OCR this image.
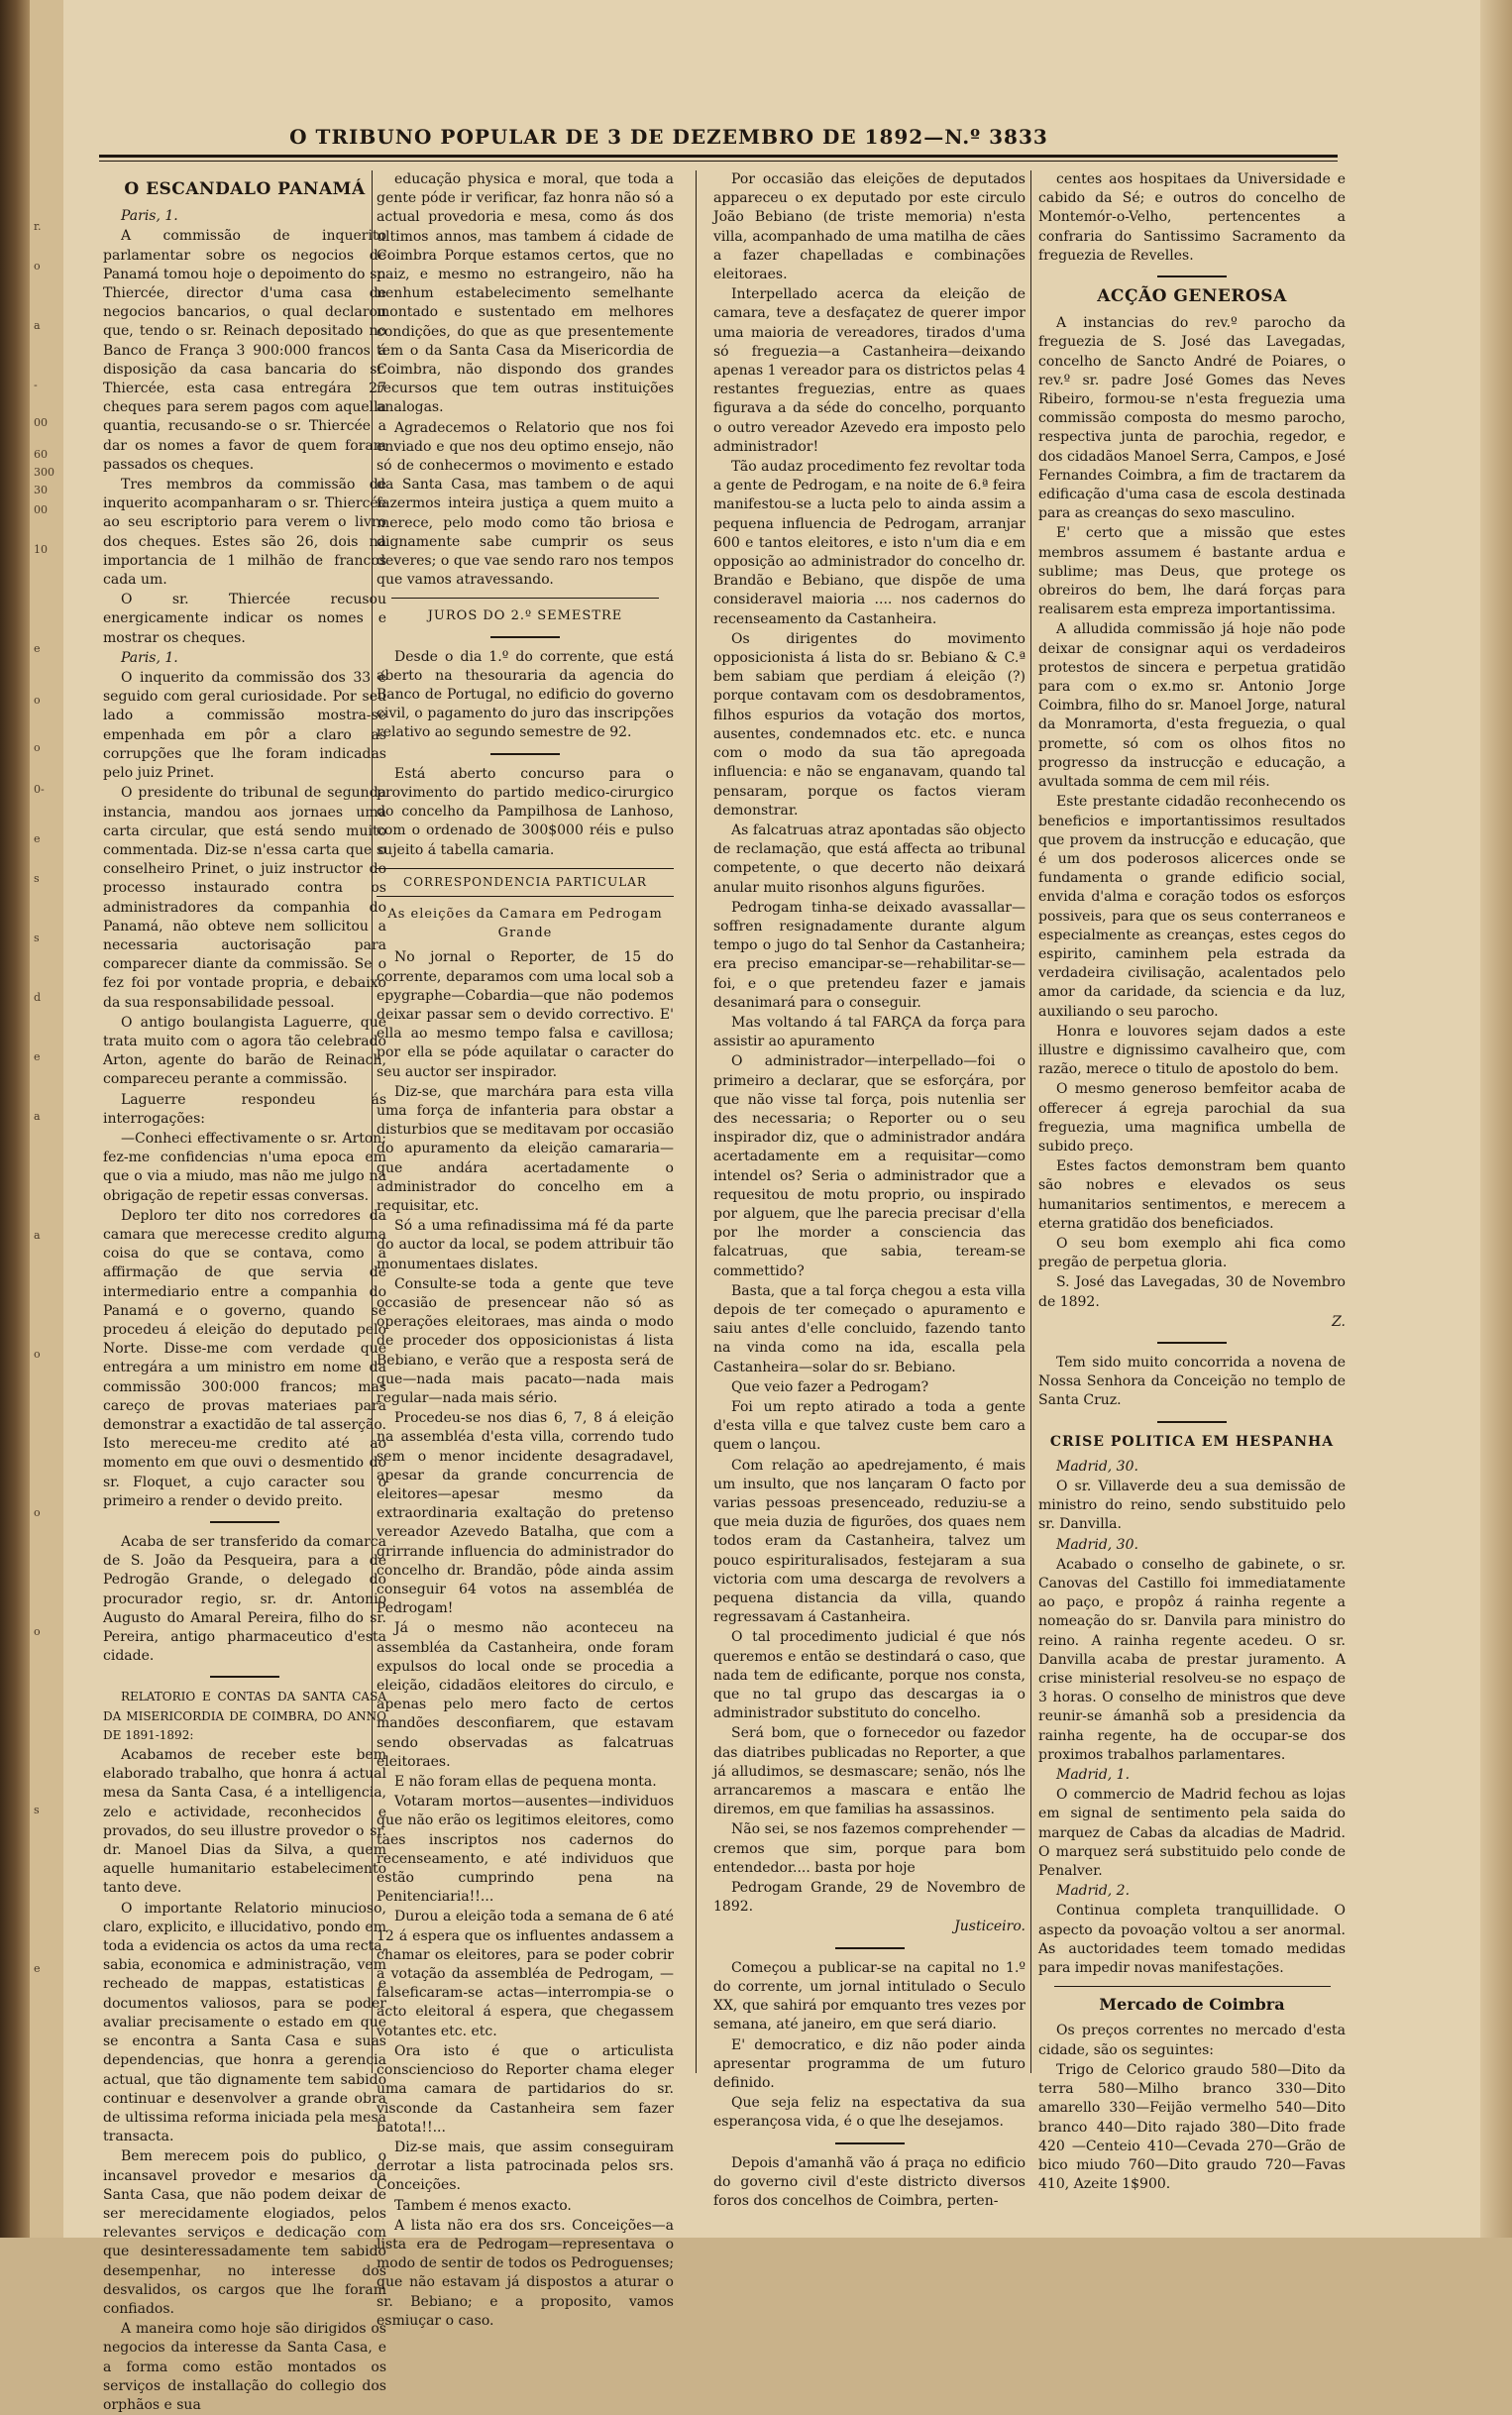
r.
o
a
-
00
60
300
30
00
10
e
o
o
0-
e
s
s
d
e
a
a
o
o
o
s
e
O TRIBUNO POPULAR DE 3 DE DEZEMBRO DE 1892—N.º 3833
O ESCANDALO PANAMÁ

Paris, 1.

A commissão de inquerito parlamentar sobre os negocios de Panamá tomou hoje o depoimento do sr. Thiercée, director d'uma casa de negocios bancarios, o qual declarou que, tendo o sr. Reinach depositado no Banco de França 3 900:000 francos á disposição da casa bancaria do sr. Thiercée, esta casa entregára 27 cheques para serem pagos com aquella quantia, recusando-se o sr. Thiercée a dar os nomes a favor de quem foram passados os cheques.

Tres membros da commissão de inquerito acompanharam o sr. Thiercée ao seu escriptorio para verem o livro dos cheques. Estes são 26, dois na importancia de 1 milhão de francos cada um.

O sr. Thiercée recusou energicamente indicar os nomes e mostrar os cheques.

Paris, 1.

O inquerito da commissão dos 33 é seguido com geral curiosidade. Por seu lado a commissão mostra-se empenhada em pôr a claro as corrupções que lhe foram indicadas pelo juiz Prinet.

O presidente do tribunal de segunda instancia, mandou aos jornaes uma carta circular, que está sendo muito commentada. Diz-se n'essa carta que o conselheiro Prinet, o juiz instructor do processo instaurado contra os administradores da companhia do Panamá, não obteve nem sollicitou a necessaria auctorisação para comparecer diante da commissão. Se o fez foi por vontade propria, e debaixo da sua responsabilidade pessoal.

O antigo boulangista Laguerre, que trata muito com o agora tão celebrado Arton, agente do barão de Reinach, compareceu perante a commissão.

Laguerre respondeu ás interrogações:

—Conheci effectivamente o sr. Arton; fez-me confidencias n'uma epoca em que o via a miudo, mas não me julgo na obrigação de repetir essas conversas.

Deploro ter dito nos corredores da camara que merecesse credito alguma coisa do que se contava, como a affirmação de que servia de intermediario entre a companhia do Panamá e o governo, quando se procedeu á eleição do deputado pelo Norte. Disse-me com verdade que entregára a um ministro em nome da commissão 300:000 francos; mas careço de provas materiaes para demonstrar a exactidão de tal asserção. Isto mereceu-me credito até ao momento em que ouvi o desmentido do sr. Floquet, a cujo caracter sou o primeiro a render o devido preito.

Acaba de ser transferido da comarca de S. João da Pesqueira, para a de Pedrogão Grande, o delegado do procurador regio, sr. dr. Antonio Augusto do Amaral Pereira, filho do sr. Pereira, antigo pharmaceutico d'esta cidade.

RELATORIO E CONTAS DA SANTA CASA DA MISERICORDIA DE COIMBRA, DO ANNO DE 1891-1892:

Acabamos de receber este bem elaborado trabalho, que honra á actual mesa da Santa Casa, é a intelligencia, zelo e actividade, reconhecidos e provados, do seu illustre provedor o sr. dr. Manoel Dias da Silva, a quem aquelle humanitario estabelecimento tanto deve.

O importante Relatorio minucioso, claro, explicito, e illucidativo, pondo em toda a evidencia os actos da uma recta, sabia, economica e administração, vem recheado de mappas, estatisticas e documentos valiosos, para se poder avaliar precisamente o estado em que se encontra a Santa Casa e suas dependencias, que honra a gerencia actual, que tão dignamente tem sabido continuar e desenvolver a grande obra de ultissima reforma iniciada pela mesa transacta.

Bem merecem pois do publico, o incansavel provedor e mesarios da Santa Casa, que não podem deixar de ser merecidamente elogiados, pelos relevantes serviços e dedicação com que desinteressadamente tem sabido desempenhar, no interesse dos desvalidos, os cargos que lhe foram confiados.

A maneira como hoje são dirigidos os negocios da interesse da Santa Casa, e a forma como estão montados os serviços de installação do collegio dos orphãos e sua

educação physica e moral, que toda a gente póde ir verificar, faz honra não só a actual provedoria e mesa, como ás dos ultimos annos, mas tambem á cidade de Coimbra Porque estamos certos, que no paiz, e mesmo no estrangeiro, não ha nenhum estabelecimento semelhante montado e sustentado em melhores condições, do que as que presentemente tem o da Santa Casa da Misericordia de Coimbra, não dispondo dos grandes recursos que tem outras instituições analogas.

Agradecemos o Relatorio que nos foi enviado e que nos deu optimo ensejo, não só de conhecermos o movimento e estado da Santa Casa, mas tambem o de aqui fazermos inteira justiça a quem muito a merece, pelo modo como tão briosa e dignamente sabe cumprir os seus deveres; o que vae sendo raro nos tempos que vamos atravessando.

JUROS DO 2.º SEMESTRE

Desde o dia 1.º do corrente, que está aberto na thesouraria da agencia do Banco de Portugal, no edificio do governo civil, o pagamento do juro das inscripções relativo ao segundo semestre de 92.

Está aberto concurso para o provimento do partido medico-cirurgico do concelho da Pampilhosa de Lanhoso, com o ordenado de 300$000 réis e pulso sujeito á tabella camaria.

CORRESPONDENCIA PARTICULAR
As eleições da Camara em Pedrogam Grande

No jornal o Reporter, de 15 do corrente, deparamos com uma local sob a epygraphe—Cobardia—que não podemos deixar passar sem o devido correctivo. E' ella ao mesmo tempo falsa e cavillosa; por ella se póde aquilatar o caracter do seu auctor ser inspirador.

Diz-se, que marchára para esta villa uma força de infanteria para obstar a disturbios que se meditavam por occasião do apuramento da eleição camararia—que andára acertadamente o administrador do concelho em a requisitar, etc.

Só a uma refinadissima má fé da parte do auctor da local, se podem attribuir tão monumentaes dislates.

Consulte-se toda a gente que teve occasião de presencear não só as operações eleitoraes, mas ainda o modo de proceder dos opposicionistas á lista Bebiano, e verão que a resposta será de que—nada mais pacato—nada mais regular—nada mais sério.

Procedeu-se nos dias 6, 7, 8 á eleição na assembléa d'esta villa, correndo tudo sem o menor incidente desagradavel, apesar da grande concurrencia de eleitores—apesar mesmo da extraordinaria exaltação do pretenso vereador Azevedo Batalha, que com a grirrande influencia do administrador do concelho dr. Brandão, pôde ainda assim conseguir 64 votos na assembléa de Pedrogam!

Já o mesmo não aconteceu na assembléa da Castanheira, onde foram expulsos do local onde se procedia a eleição, cidadãos eleitores do circulo, e apenas pelo mero facto de certos mandões desconfiarem, que estavam sendo observadas as falcatruas eleitoraes.

E não foram ellas de pequena monta.

Votaram mortos—ausentes—individuos que não erão os legitimos eleitores, como taes inscriptos nos cadernos do recenseamento, e até individuos que estão cumprindo pena na Penitenciaria!!...

Durou a eleição toda a semana de 6 até 12 á espera que os influentes andassem a chamar os eleitores, para se poder cobrir a votação da assembléa de Pedrogam, —falseficaram-se actas—interrompia-se o acto eleitoral á espera, que chegassem votantes etc. etc.

Ora isto é que o articulista consciencioso do Reporter chama eleger uma camara de partidarios do sr. visconde da Castanheira sem fazer batota!!...

Diz-se mais, que assim conseguiram derrotar a lista patrocinada pelos srs. Conceições.

Tambem é menos exacto.

A lista não era dos srs. Conceições—a lista era de Pedrogam—representava o modo de sentir de todos os Pedroguenses; que não estavam já dispostos a aturar o sr. Bebiano; e a proposito, vamos esmiuçar o caso.

Por occasião das eleições de deputados appareceu o ex deputado por este circulo João Bebiano (de triste memoria) n'esta villa, acompanhado de uma matilha de cães a fazer chapelladas e combinações eleitoraes.

Interpellado acerca da eleição de camara, teve a desfaçatez de querer impor uma maioria de vereadores, tirados d'uma só freguezia—a Castanheira—deixando apenas 1 vereador para os districtos pelas 4 restantes freguezias, entre as quaes figurava a da séde do concelho, porquanto o outro vereador Azevedo era imposto pelo administrador!

Tão audaz procedimento fez revoltar toda a gente de Pedrogam, e na noite de 6.ª feira manifestou-se a lucta pelo to ainda assim a pequena influencia de Pedrogam, arranjar 600 e tantos eleitores, e isto n'um dia e em opposição ao administrador do concelho dr. Brandão e Bebiano, que dispõe de uma consideravel maioria .... nos cadernos do recenseamento da Castanheira.

Os dirigentes do movimento opposicionista á lista do sr. Bebiano & C.ª bem sabiam que perdiam á eleição (?) porque contavam com os desdobramentos, filhos espurios da votação dos mortos, ausentes, condemnados etc. etc. e nunca com o modo da sua tão apregoada influencia: e não se enganavam, quando tal pensaram, porque os factos vieram demonstrar.

As falcatruas atraz apontadas são objecto de reclamação, que está affecta ao tribunal competente, o que decerto não deixará anular muito risonhos alguns figurões.

Pedrogam tinha-se deixado avassallar—soffren resignadamente durante algum tempo o jugo do tal Senhor da Castanheira; era preciso emancipar-se—rehabilitar-se—foi, e o que pretendeu fazer e jamais desanimará para o conseguir.

Mas voltando á tal FARÇA da força para assistir ao apuramento

O administrador—interpellado—foi o primeiro a declarar, que se esforçára, por que não visse tal força, pois nutenlia ser des necessaria; o Reporter ou o seu inspirador diz, que o administrador andára acertadamente em a requisitar—como intendel os? Seria o administrador que a requesitou de motu proprio, ou inspirado por alguem, que lhe parecia precisar d'ella por lhe morder a consciencia das falcatruas, que sabia, teream-se commettido?

Basta, que a tal força chegou a esta villa depois de ter começado o apuramento e saiu antes d'elle concluido, fazendo tanto na vinda como na ida, escalla pela Castanheira—solar do sr. Bebiano.

Que veio fazer a Pedrogam?

Foi um repto atirado a toda a gente d'esta villa e que talvez custe bem caro a quem o lançou.

Com relação ao apedrejamento, é mais um insulto, que nos lançaram O facto por varias pessoas presenceado, reduziu-se a que meia duzia de figurões, dos quaes nem todos eram da Castanheira, talvez um pouco espirituralisados, festejaram a sua victoria com uma descarga de revolvers a pequena distancia da villa, quando regressavam á Castanheira.

O tal procedimento judicial é que nós queremos e então se destindará o caso, que nada tem de edificante, porque nos consta, que no tal grupo das descargas ia o administrador substituto do concelho.

Será bom, que o fornecedor ou fazedor das diatribes publicadas no Reporter, a que já alludimos, se desmascare; senão, nós lhe arrancaremos a mascara e então lhe diremos, em que familias ha assassinos.

Não sei, se nos fazemos comprehender —cremos que sim, porque para bom entendedor.... basta por hoje

Pedrogam Grande, 29 de Novembro de 1892.

Justiceiro.

Começou a publicar-se na capital no 1.º do corrente, um jornal intitulado o Seculo XX, que sahirá por emquanto tres vezes por semana, até janeiro, em que será diario.

E' democratico, e diz não poder ainda apresentar programma de um futuro definido.

Que seja feliz na espectativa da sua esperançosa vida, é o que lhe desejamos.

Depois d'amanhã vão á praça no edificio do governo civil d'este districto diversos foros dos concelhos de Coimbra, perten-

centes aos hospitaes da Universidade e cabido da Sé; e outros do concelho de Montemór-o-Velho, pertencentes a confraria do Santissimo Sacramento da freguezia de Revelles.

ACÇÃO GENEROSA

A instancias do rev.º parocho da freguezia de S. José das Lavegadas, concelho de Sancto André de Poiares, o rev.º sr. padre José Gomes das Neves Ribeiro, formou-se n'esta freguezia uma commissão composta do mesmo parocho, respectiva junta de parochia, regedor, e dos cidadãos Manoel Serra, Campos, e José Fernandes Coimbra, a fim de tractarem da edificação d'uma casa de escola destinada para as creanças do sexo masculino.

E' certo que a missão que estes membros assumem é bastante ardua e sublime; mas Deus, que protege os obreiros do bem, lhe dará forças para realisarem esta empreza importantissima.

A alludida commissão já hoje não pode deixar de consignar aqui os verdadeiros protestos de sincera e perpetua gratidão para com o ex.mo sr. Antonio Jorge Coimbra, filho do sr. Manoel Jorge, natural da Monramorta, d'esta freguezia, o qual promette, só com os olhos fitos no progresso da instrucção e educação, a avultada somma de cem mil réis.

Este prestante cidadão reconhecendo os beneficios e importantissimos resultados que provem da instrucção e educação, que é um dos poderosos alicerces onde se fundamenta o grande edificio social, envida d'alma e coração todos os esforços possiveis, para que os seus conterraneos e especialmente as creanças, estes cegos do espirito, caminhem pela estrada da verdadeira civilisação, acalentados pelo amor da caridade, da sciencia e da luz, auxiliando o seu parocho.

Honra e louvores sejam dados a este illustre e dignissimo cavalheiro que, com razão, merece o titulo de apostolo do bem.

O mesmo generoso bemfeitor acaba de offerecer á egreja parochial da sua freguezia, uma magnifica umbella de subido preço.

Estes factos demonstram bem quanto são nobres e elevados os seus humanitarios sentimentos, e merecem a eterna gratidão dos beneficiados.

O seu bom exemplo ahi fica como pregão de perpetua gloria.

S. José das Lavegadas, 30 de Novembro de 1892.

Z.

Tem sido muito concorrida a novena de Nossa Senhora da Conceição no templo de Santa Cruz.

CRISE POLITICA EM HESPANHA

Madrid, 30.

O sr. Villaverde deu a sua demissão de ministro do reino, sendo substituido pelo sr. Danvilla.

Madrid, 30.

Acabado o conselho de gabinete, o sr. Canovas del Castillo foi immediatamente ao paço, e propôz á rainha regente a nomeação do sr. Danvila para ministro do reino. A rainha regente acedeu. O sr. Danvilla acaba de prestar juramento. A crise ministerial resolveu-se no espaço de 3 horas. O conselho de ministros que deve reunir-se ámanhã sob a presidencia da rainha regente, ha de occupar-se dos proximos trabalhos parlamentares.

Madrid, 1.

O commercio de Madrid fechou as lojas em signal de sentimento pela saida do marquez de Cabas da alcadias de Madrid. O marquez será substituido pelo conde de Penalver.

Madrid, 2.

Continua completa tranquillidade. O aspecto da povoação voltou a ser anormal. As auctoridades teem tomado medidas para impedir novas manifestações.

Mercado de Coimbra

Os preços correntes no mercado d'esta cidade, são os seguintes:

Trigo de Celorico graudo 580—Dito da terra 580—Milho branco 330—Dito amarello 330—Feijão vermelho 540—Dito branco 440—Dito rajado 380—Dito frade 420 —Centeio 410—Cevada 270—Grão de bico miudo 760—Dito graudo 720—Favas 410, Azeite 1$900.
